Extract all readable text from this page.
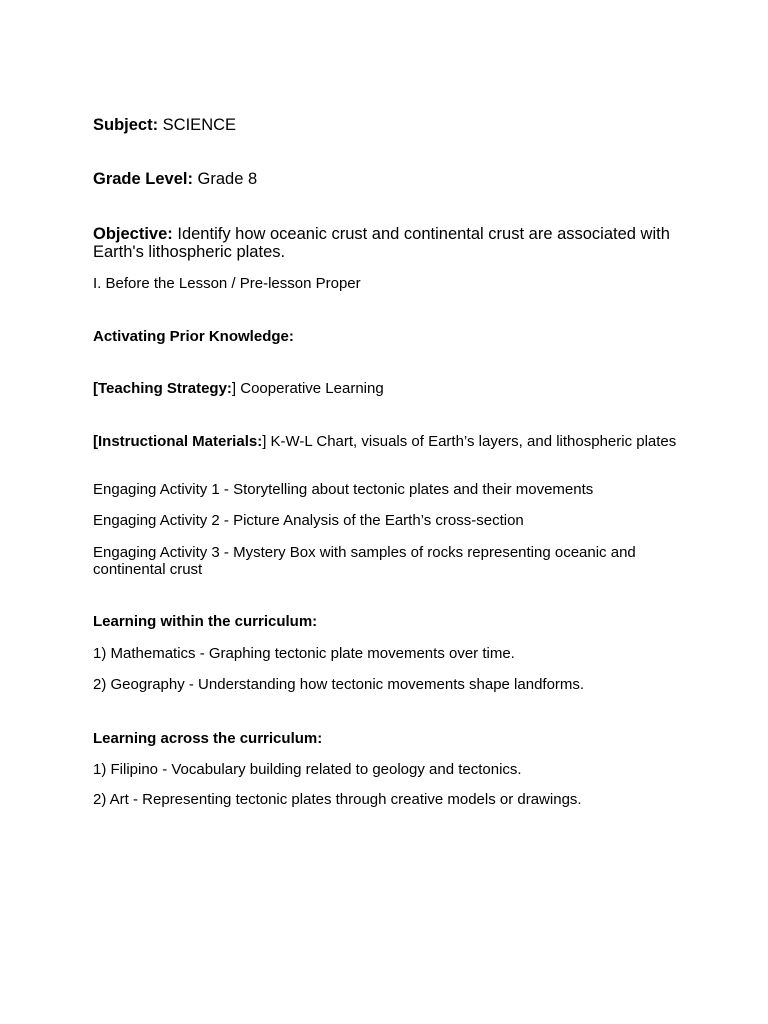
Subject: SCIENCE

Grade Level: Grade 8

Objective: Identify how oceanic crust and continental crust are associated with Earth's lithospheric plates.

I. Before the Lesson / Pre-lesson Proper

Activating Prior Knowledge:

[Teaching Strategy:] Cooperative Learning

[Instructional Materials:] K-W-L Chart, visuals of Earth’s layers, and lithospheric plates

Engaging Activity 1 - Storytelling about tectonic plates and their movements

Engaging Activity 2 - Picture Analysis of the Earth’s cross-section

Engaging Activity 3 - Mystery Box with samples of rocks representing oceanic and continental crust

Learning within the curriculum:

1) Mathematics - Graphing tectonic plate movements over time.

2) Geography - Understanding how tectonic movements shape landforms.

Learning across the curriculum:

1) Filipino - Vocabulary building related to geology and tectonics.

2) Art - Representing tectonic plates through creative models or drawings.
